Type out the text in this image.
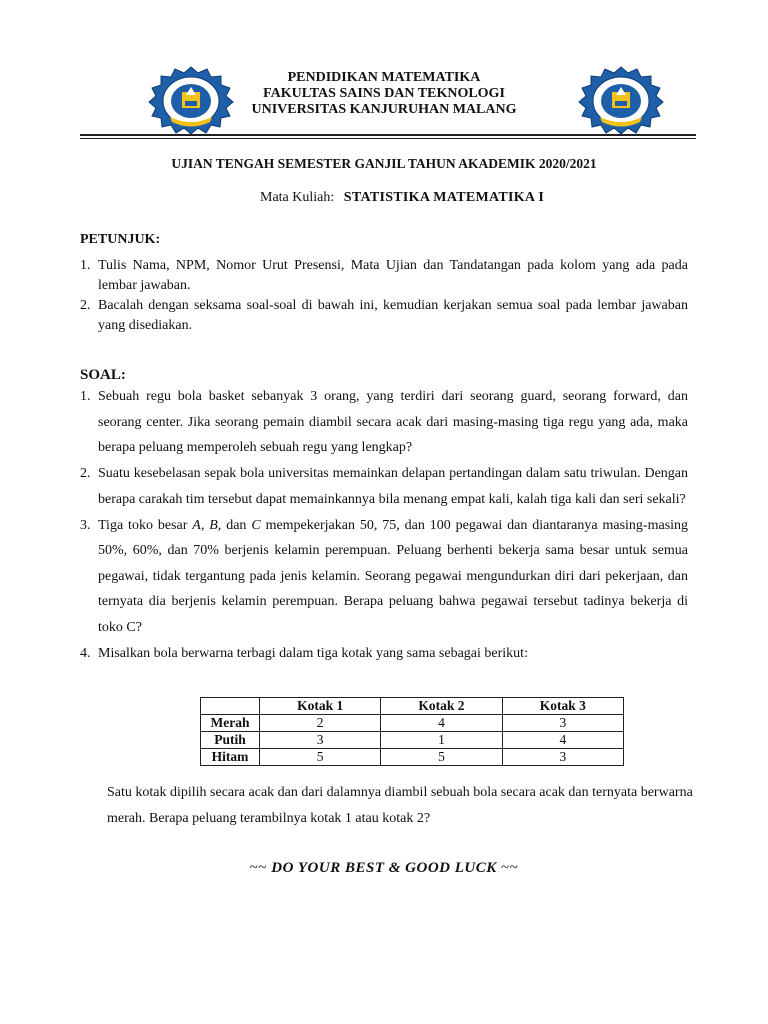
PENDIDIKAN MATEMATIKA
FAKULTAS SAINS DAN TEKNOLOGI
UNIVERSITAS KANJURUHAN MALANG
UJIAN TENGAH SEMESTER GANJIL TAHUN AKADEMIK 2020/2021
Mata Kuliah: STATISTIKA MATEMATIKA I
PETUNJUK:
1. Tulis Nama, NPM, Nomor Urut Presensi, Mata Ujian dan Tandatangan pada kolom yang ada pada lembar jawaban.
2. Bacalah dengan seksama soal-soal di bawah ini, kemudian kerjakan semua soal pada lembar jawaban yang disediakan.
SOAL:
1. Sebuah regu bola basket sebanyak 3 orang, yang terdiri dari seorang guard, seorang forward, dan seorang center. Jika seorang pemain diambil secara acak dari masing-masing tiga regu yang ada, maka berapa peluang memperoleh sebuah regu yang lengkap?
2. Suatu kesebelasan sepak bola universitas memainkan delapan pertandingan dalam satu triwulan. Dengan berapa carakah tim tersebut dapat memainkannya bila menang empat kali, kalah tiga kali dan seri sekali?
3. Tiga toko besar A, B, dan C mempekerjakan 50, 75, dan 100 pegawai dan diantaranya masing-masing 50%, 60%, dan 70% berjenis kelamin perempuan. Peluang berhenti bekerja sama besar untuk semua pegawai, tidak tergantung pada jenis kelamin. Seorang pegawai mengundurkan diri dari pekerjaan, dan ternyata dia berjenis kelamin perempuan. Berapa peluang bahwa pegawai tersebut tadinya bekerja di toko C?
4. Misalkan bola berwarna terbagi dalam tiga kotak yang sama sebagai berikut:
	Kotak 1	Kotak 2	Kotak 3
Merah	2	4	3
Putih	3	1	4
Hitam	5	5	3
Satu kotak dipilih secara acak dan dari dalamnya diambil sebuah bola secara acak dan ternyata berwarna merah. Berapa peluang terambilnya kotak 1 atau kotak 2?
~~ DO YOUR BEST & GOOD LUCK ~~
